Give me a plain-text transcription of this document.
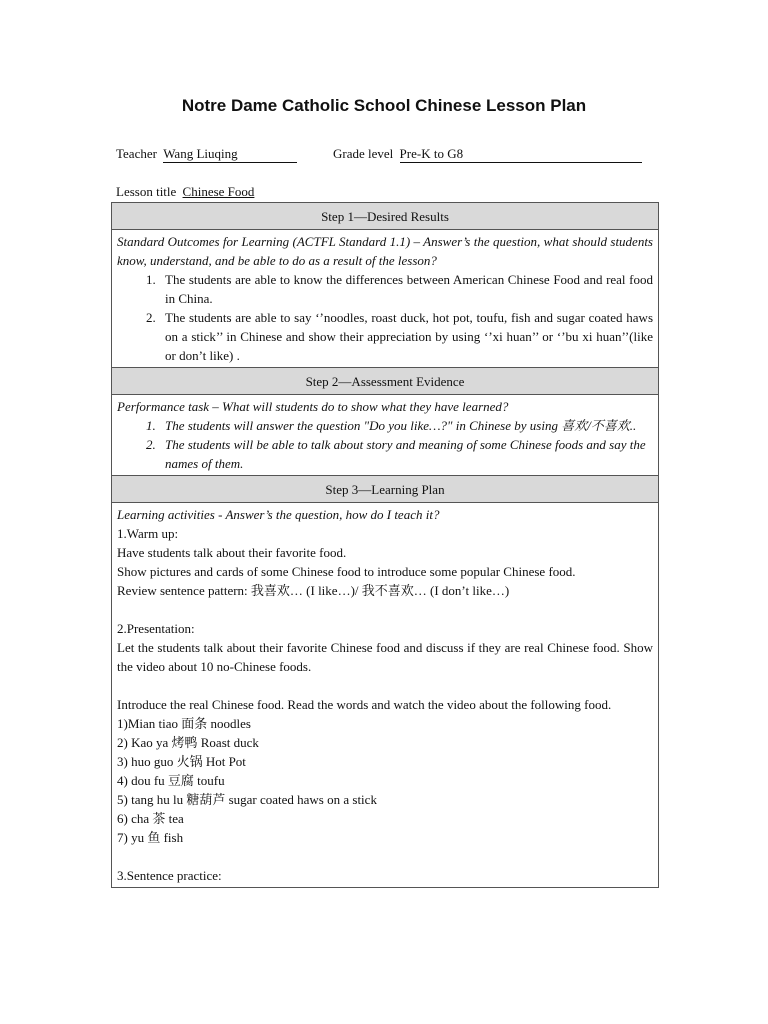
Notre Dame Catholic School Chinese Lesson Plan
Teacher Wang Liuqing	Grade level Pre-K to G8
Lesson title Chinese Food
Step 1—Desired Results

Standard Outcomes for Learning (ACTFL Standard 1.1) – Answer’s the question, what should students know, understand, and be able to do as a result of the lesson?
1. The students are able to know the differences between American Chinese Food and real food in China.
2. The students are able to say ‘’noodles, roast duck, hot pot, toufu, fish and sugar coated haws on a stick’’ in Chinese and show their appreciation by using ‘’xi huan’’ or ‘’bu xi huan’’(like or don’t like) .

Step 2—Assessment Evidence

Performance task – What will students do to show what they have learned?
1. The students will answer the question "Do you like…?" in Chinese by using 喜欢/不喜欢..
2. The students will be able to talk about story and meaning of some Chinese foods and say the names of them.

Step 3—Learning Plan

Learning activities - Answer’s the question, how do I teach it?
1.Warm up:
Have students talk about their favorite food.
Show pictures and cards of some Chinese food to introduce some popular Chinese food.
Review sentence pattern: 我喜欢… (I like…)/ 我不喜欢… (I don’t like…)
2.Presentation:
Let the students talk about their favorite Chinese food and discuss if they are real Chinese food. Show the video about 10 no-Chinese foods.
Introduce the real Chinese food. Read the words and watch the video about the following food.
1)Mian tiao 面条 noodles
2) Kao ya 烤鸭 Roast duck
3) huo guo 火锅 Hot Pot
4) dou fu 豆腐 toufu
5) tang hu lu 糖葫芦 sugar coated haws on a stick
6) cha 茶 tea
7) yu 鱼 fish
3.Sentence practice:
